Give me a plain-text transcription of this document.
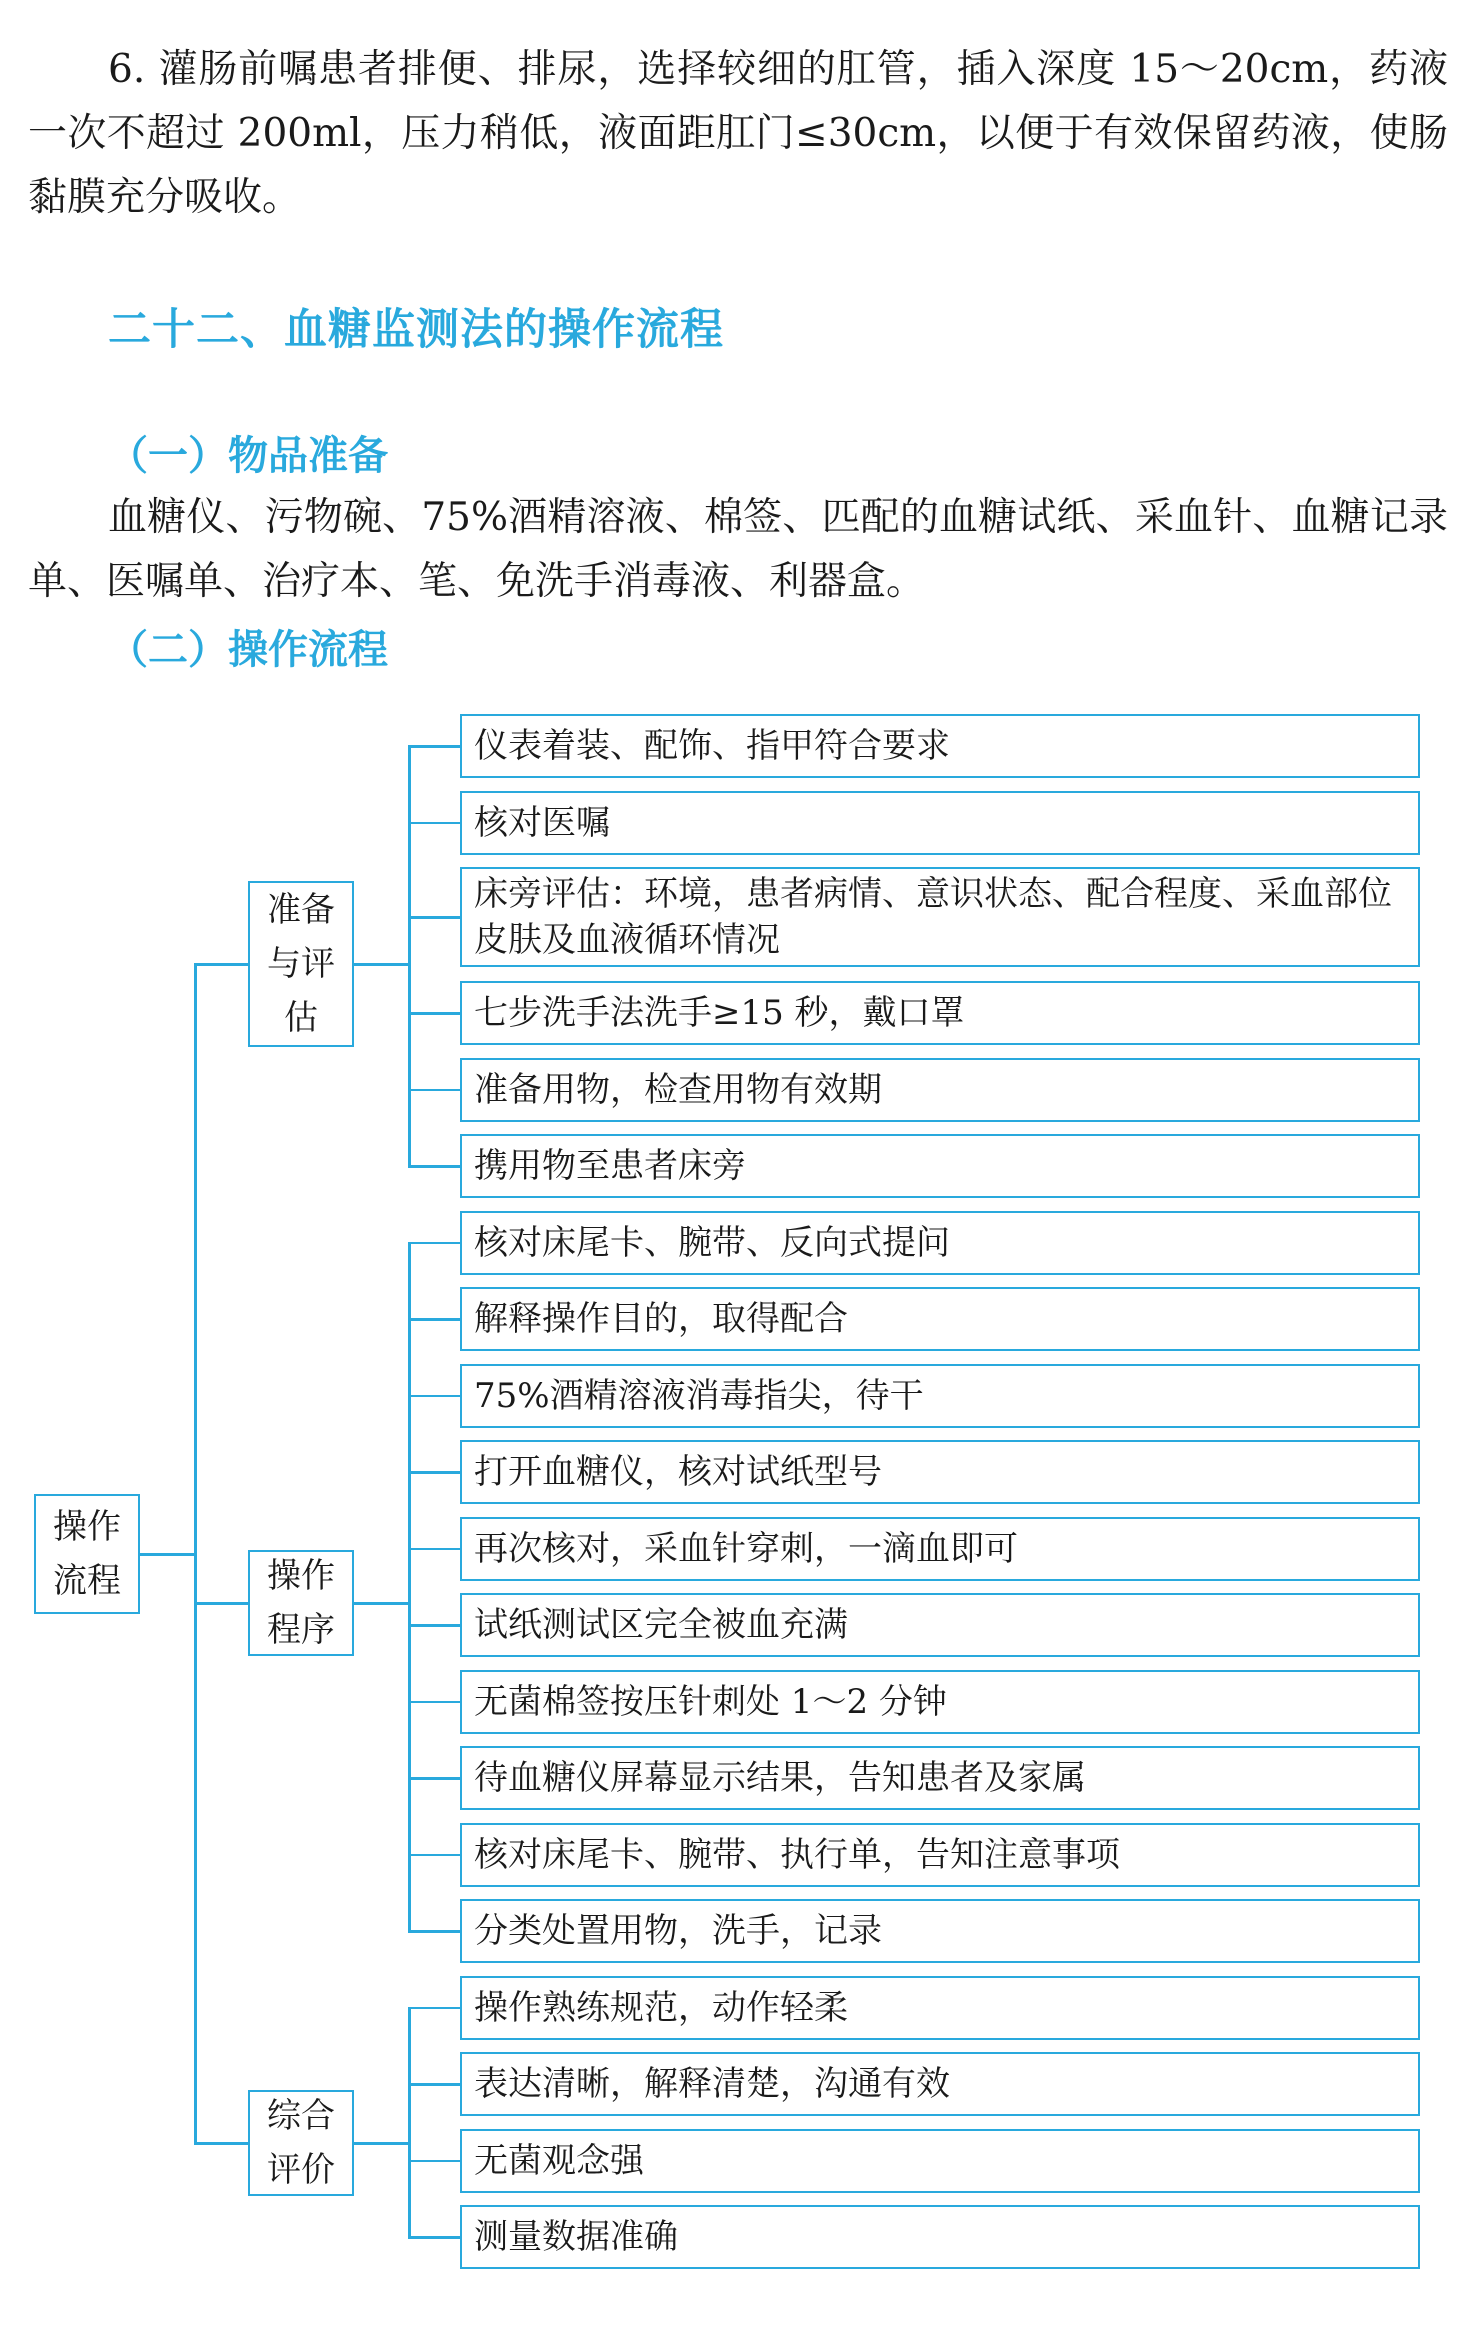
6. 灌肠前嘱患者排便、排尿，选择较细的肛管，插入深度 15～20cm，药液一次不超过 200ml，压力稍低，液面距肛门≤30cm，以便于有效保留药液，使肠黏膜充分吸收。

二十二、血糖监测法的操作流程
（一）物品准备

血糖仪、污物碗、75%酒精溶液、棉签、匹配的血糖试纸、采血针、血糖记录单、医嘱单、治疗本、笔、免洗手消毒液、利器盒。

（二）操作流程
仪表着装、配饰、指甲符合要求
核对医嘱
床旁评估：环境，患者病情、意识状态、配合程度、采血部位皮肤及血液循环情况
七步洗手法洗手≥15 秒，戴口罩
准备用物，检查用物有效期
携用物至患者床旁
核对床尾卡、腕带、反向式提问
解释操作目的，取得配合
75%酒精溶液消毒指尖，待干
打开血糖仪，核对试纸型号
再次核对，采血针穿刺，一滴血即可
试纸测试区完全被血充满
无菌棉签按压针刺处 1～2 分钟
待血糖仪屏幕显示结果，告知患者及家属
核对床尾卡、腕带、执行单，告知注意事项
分类处置用物，洗手，记录
操作熟练规范，动作轻柔
表达清晰，解释清楚，沟通有效
无菌观念强
测量数据准确
准备与评估
操作程序
综合评价
操作流程
